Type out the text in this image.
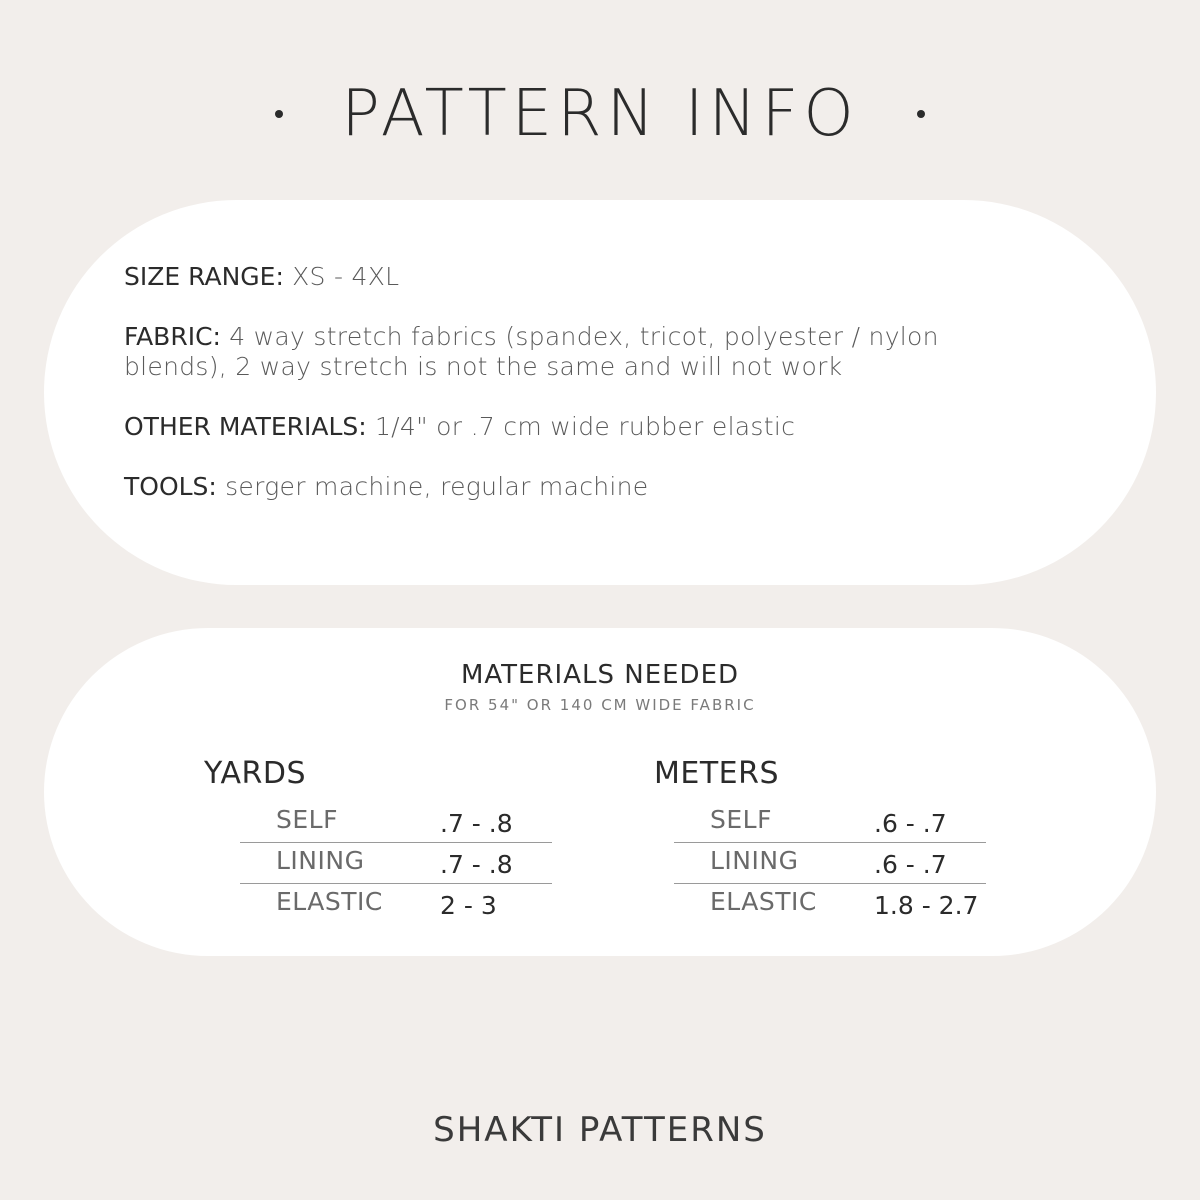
PATTERN INFO
SIZE RANGE: XS - 4XL
FABRIC: 4 way stretch fabrics (spandex, tricot, polyester / nylon blends), 2 way stretch is not the same and will not work
OTHER MATERIALS: 1/4" or .7 cm wide rubber elastic
TOOLS: serger machine, regular machine
MATERIALS NEEDED
FOR 54" OR 140 CM WIDE FABRIC
YARDS
SELF	.7 - .8
LINING	.7 - .8
ELASTIC 2 - 3
METERS
SELF	.6 - .7
LINING	.6 - .7
ELASTIC 1.8 - 2.7
SHAKTI PATTERNS
